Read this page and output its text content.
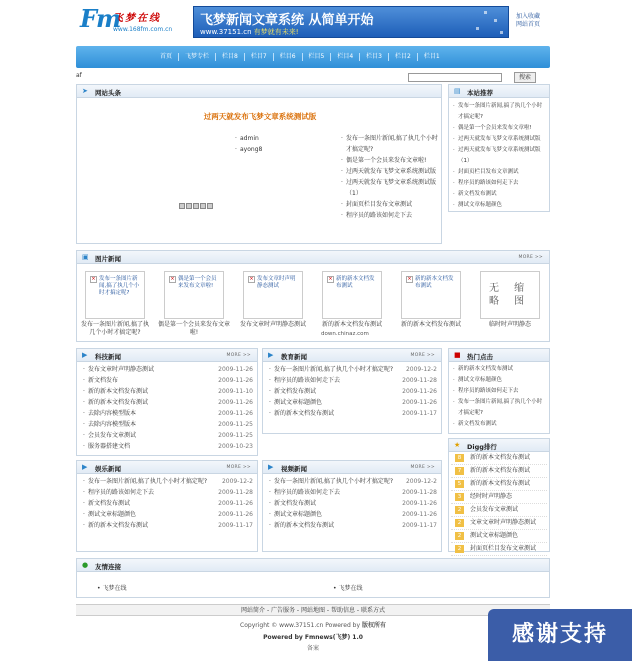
Fm
飞梦在线
www.168fm.com.cn
飞梦新闻文章系统 从简单开始
www.37151.cn 有梦就有未来!
加入收藏
网站首页
首页	飞梦专栏	栏目8	栏目7	栏目6	栏目5	栏目4	栏目3	栏目2	栏目1
af	搜索
➤ 网站头条
过两天就发布飞梦文章系统测试版
· admin
· ayong8
· 发布一条图片新闻,搞了执几个小时才搞定呢?
· 偶是第一个会员来发布文章啦!
· 过两天就发布飞梦文章系统测试版
· 过两天就发布飞梦文章系统测试版（1）
· 封面页栏目发布文章测试
· 程序员的路该如何走下去
▤ 本站推荐
· 发布一条图片新闻,搞了执几个小时才搞定呢?
· 偶是第一个会员来发布文章啦!
· 过两天就发布飞梦文章系统测试版
· 过两天就发布飞梦文章系统测试版（1）
· 封面页栏目发布文章测试
· 程序员的路该如何走下去
· 新文档发布测试
· 测试文章标题颜色
▣ 图片新闻	MORE >>
× 发布一条图片新闻,搞了执几个小时才搞定呢?
发布一条图片新闻,搞了执几个小时才搞定呢?
× 偶是第一个会员来发布文章啦!
偶是第一个会员来发布文章啦!
× 发布文章时声明静态测试
发布文章时声明静态测试
× 新的新本文档发布测试
新的新本文档发布测试
× 新的新本文档发布测试
新的新本文档发布测试
无 缩 略 图
临时时声明静态
down.chinaz.com
▶ 科技新闻	MORE >>
· 发布文章时声明静态测试	2009-11-26
· 新文档发布	2009-11-26
· 新的新本文档发布测试	2009-11-10
· 新的新本文档发布测试	2009-11-26
· 去除内容模型版本	2009-11-26
· 去除内容模型版本	2009-11-25
· 会员发布文章测试	2009-11-25
· 服务器搭建文档	2009-10-23
▶ 教育新闻	MORE >>
· 发布一条图片新闻,搞了执几个小时才搞定呢? 2009-12-2
· 程序员的路该如何走下去	2009-11-28
· 新文档发布测试	2009-11-26
· 测试文章标题颜色	2009-11-26
· 新的新本文档发布测试	2009-11-17
■ 热门点击
· 新的新本文档发布测试
· 测试文章标题颜色
· 程序员的路该如何走下去
· 发布一条图片新闻,搞了执几个小时才搞定呢?
· 新文档发布测试
▶ 娱乐新闻	MORE >>
· 发布一条图片新闻,搞了执几个小时才搞定呢? 2009-12-2
· 程序员的路该如何走下去	2009-11-28
· 新文档发布测试	2009-11-26
· 测试文章标题颜色	2009-11-26
· 新的新本文档发布测试	2009-11-17
▶ 视频新闻	MORE >>
· 发布一条图片新闻,搞了执几个小时才搞定呢? 2009-12-2
· 程序员的路该如何走下去	2009-11-28
· 新文档发布测试	2009-11-26
· 测试文章标题颜色	2009-11-26
· 新的新本文档发布测试	2009-11-17
★ Digg排行
8 新的新本文档发布测试
7 新的新本文档发布测试
5 新的新本文档发布测试
3 经时时声明静态
2 会员发布文章测试
2 文章文章时声明静态测试
2 测试文章标题颜色
2 封面页栏目发布文章测试
● 友情连接
• 飞梦在线	• 飞梦在线
网站简介 - 广告服务 - 网站地图 - 帮助信息 - 联系方式
Copyright © www.37151.cn Powered by 版权所有
Powered by Fmnews(飞梦) 1.0
备案
感谢支持
